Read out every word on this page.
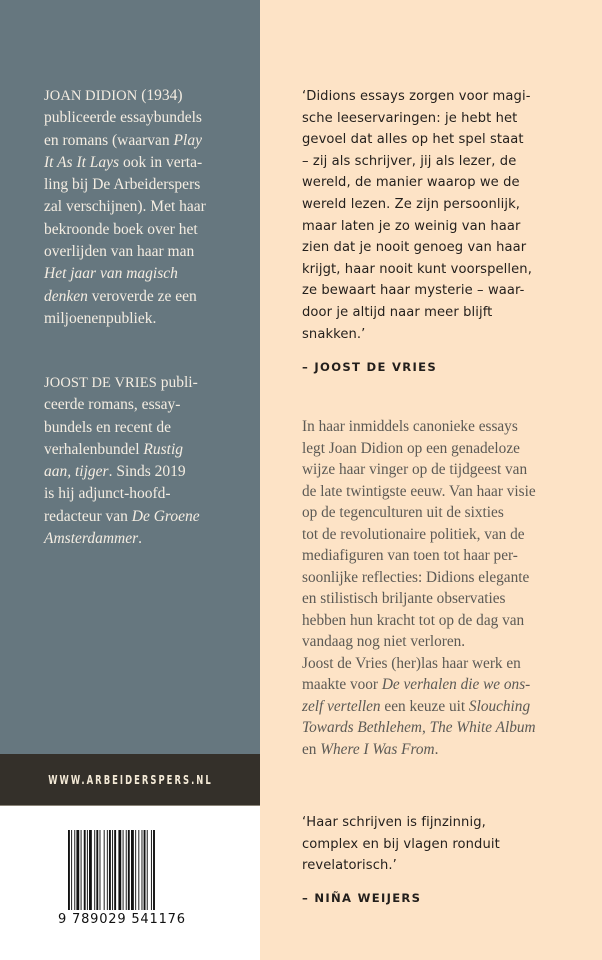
JOAN DIDION (1934)
publiceerde essaybundels
en romans (waarvan Play
It As It Lays ook in verta-
ling bij De Arbeiderspers
zal verschijnen). Met haar
bekroonde boek over het
overlijden van haar man
Het jaar van magisch
denken veroverde ze een
miljoenenpubliek.
JOOST DE VRIES publi-
ceerde romans, essay-
bundels en recent de
verhalenbundel Rustig
aan, tijger. Sinds 2019
is hij adjunct-hoofd-
redacteur van De Groene
Amsterdammer.
WWW.ARBEIDERSPERS.NL
9 789029 541176
‘Didions essays zorgen voor magi-
sche leeservaringen: je hebt het
gevoel dat alles op het spel staat
– zij als schrijver, jij als lezer, de
wereld, de manier waarop we de
wereld lezen. Ze zijn persoonlijk,
maar laten je zo weinig van haar
zien dat je nooit genoeg van haar
krijgt, haar nooit kunt voorspellen,
ze bewaart haar mysterie – waar-
door je altijd naar meer blijft
snakken.’
– JOOST DE VRIES
In haar inmiddels canonieke essays
legt Joan Didion op een genadeloze
wijze haar vinger op de tijdgeest van
de late twintigste eeuw. Van haar visie
op de tegenculturen uit de sixties
tot de revolutionaire politiek, van de
mediafiguren van toen tot haar per-
soonlijke reflecties: Didions elegante
en stilistisch briljante observaties
hebben hun kracht tot op de dag van
vandaag nog niet verloren.
Joost de Vries (her)las haar werk en
maakte voor De verhalen die we ons-
zelf vertellen een keuze uit Slouching
Towards Bethlehem, The White Album
en Where I Was From.
‘Haar schrijven is fijnzinnig,
complex en bij vlagen ronduit
revelatorisch.’
– NIÑA WEIJERS
